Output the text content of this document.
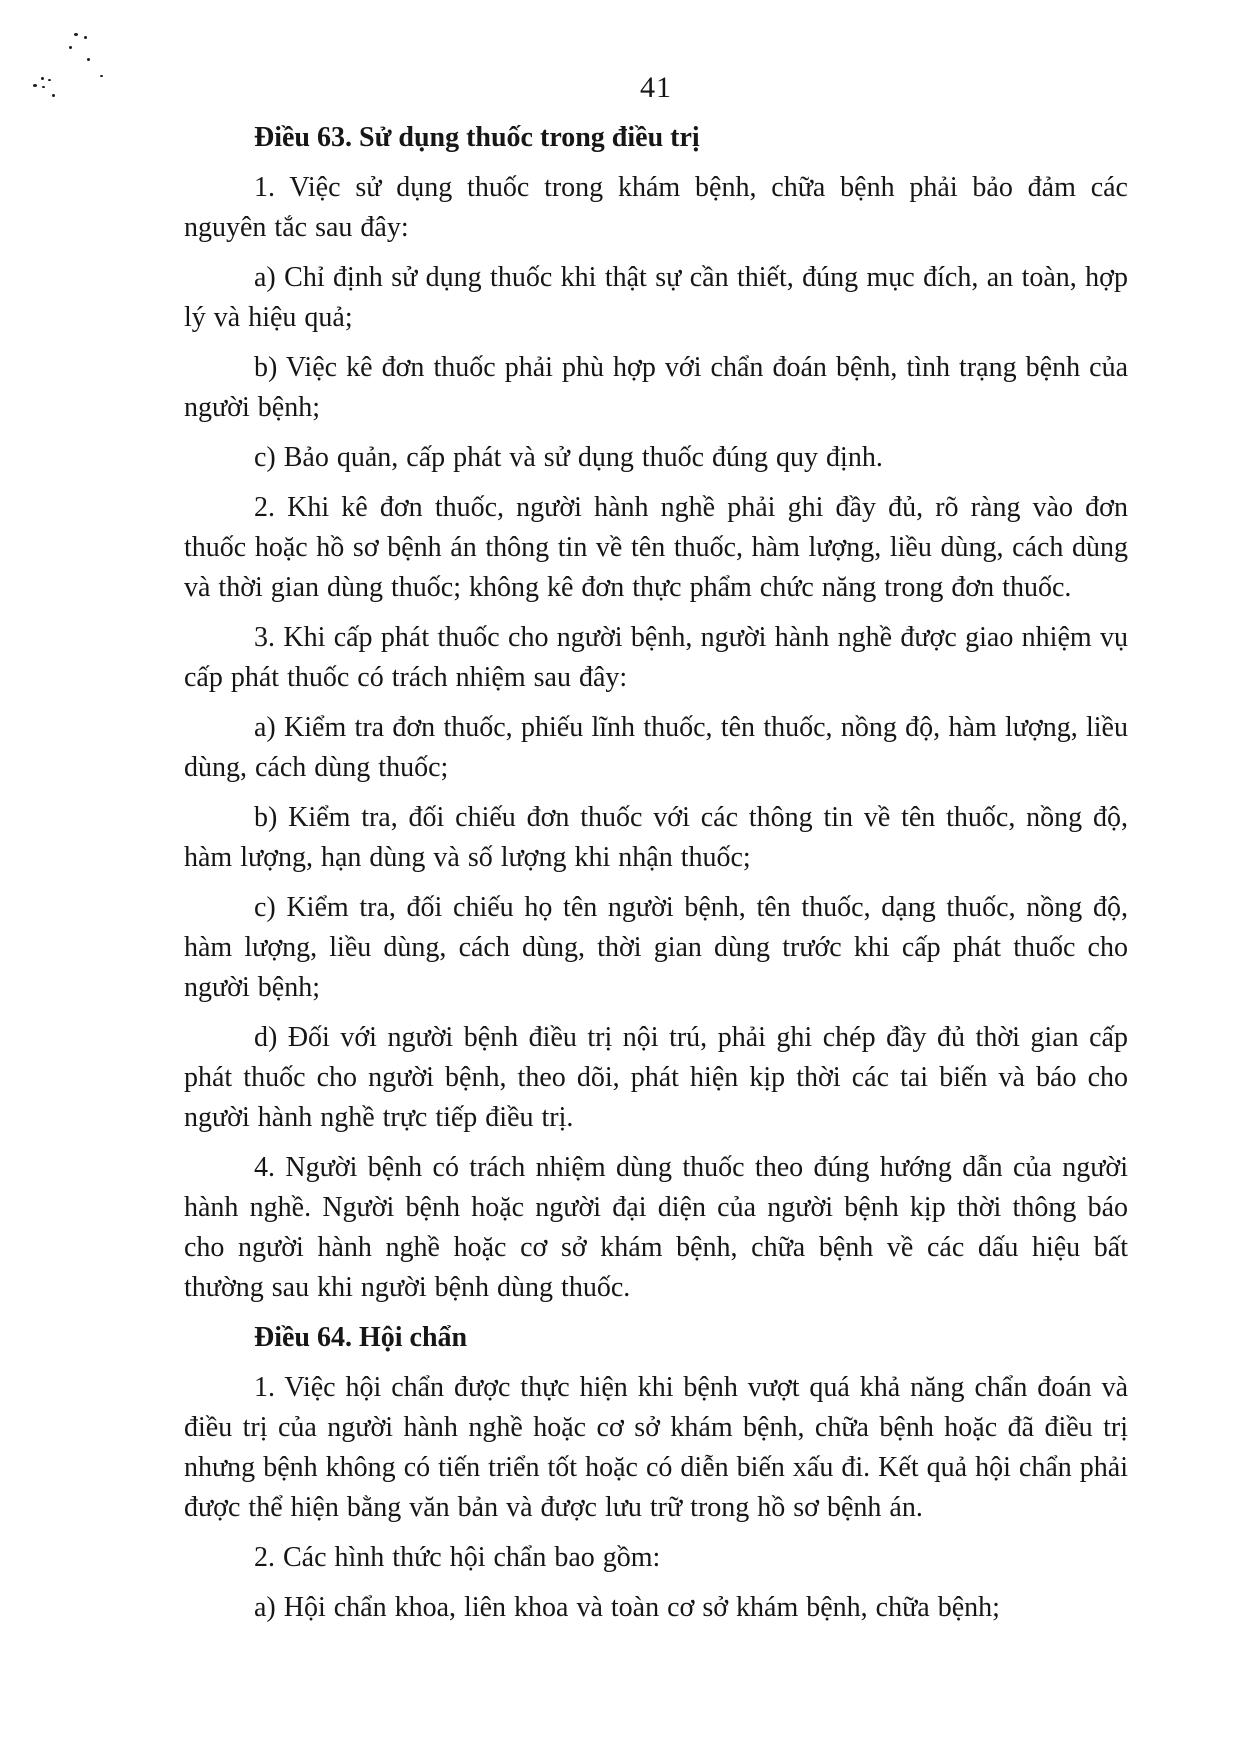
41
Điều 63. Sử dụng thuốc trong điều trị

1. Việc sử dụng thuốc trong khám bệnh, chữa bệnh phải bảo đảm các nguyên tắc sau đây:

a) Chỉ định sử dụng thuốc khi thật sự cần thiết, đúng mục đích, an toàn, hợp lý và hiệu quả;

b) Việc kê đơn thuốc phải phù hợp với chẩn đoán bệnh, tình trạng bệnh của người bệnh;

c) Bảo quản, cấp phát và sử dụng thuốc đúng quy định.

2. Khi kê đơn thuốc, người hành nghề phải ghi đầy đủ, rõ ràng vào đơn thuốc hoặc hồ sơ bệnh án thông tin về tên thuốc, hàm lượng, liều dùng, cách dùng và thời gian dùng thuốc; không kê đơn thực phẩm chức năng trong đơn thuốc.

3. Khi cấp phát thuốc cho người bệnh, người hành nghề được giao nhiệm vụ cấp phát thuốc có trách nhiệm sau đây:

a) Kiểm tra đơn thuốc, phiếu lĩnh thuốc, tên thuốc, nồng độ, hàm lượng, liều dùng, cách dùng thuốc;

b) Kiểm tra, đối chiếu đơn thuốc với các thông tin về tên thuốc, nồng độ, hàm lượng, hạn dùng và số lượng khi nhận thuốc;

c) Kiểm tra, đối chiếu họ tên người bệnh, tên thuốc, dạng thuốc, nồng độ, hàm lượng, liều dùng, cách dùng, thời gian dùng trước khi cấp phát thuốc cho người bệnh;

d) Đối với người bệnh điều trị nội trú, phải ghi chép đầy đủ thời gian cấp phát thuốc cho người bệnh, theo dõi, phát hiện kịp thời các tai biến và báo cho người hành nghề trực tiếp điều trị.

4. Người bệnh có trách nhiệm dùng thuốc theo đúng hướng dẫn của người hành nghề. Người bệnh hoặc người đại diện của người bệnh kịp thời thông báo cho người hành nghề hoặc cơ sở khám bệnh, chữa bệnh về các dấu hiệu bất thường sau khi người bệnh dùng thuốc.

Điều 64. Hội chẩn

1. Việc hội chẩn được thực hiện khi bệnh vượt quá khả năng chẩn đoán và điều trị của người hành nghề hoặc cơ sở khám bệnh, chữa bệnh hoặc đã điều trị nhưng bệnh không có tiến triển tốt hoặc có diễn biến xấu đi. Kết quả hội chẩn phải được thể hiện bằng văn bản và được lưu trữ trong hồ sơ bệnh án.

2. Các hình thức hội chẩn bao gồm:

a) Hội chẩn khoa, liên khoa và toàn cơ sở khám bệnh, chữa bệnh;
